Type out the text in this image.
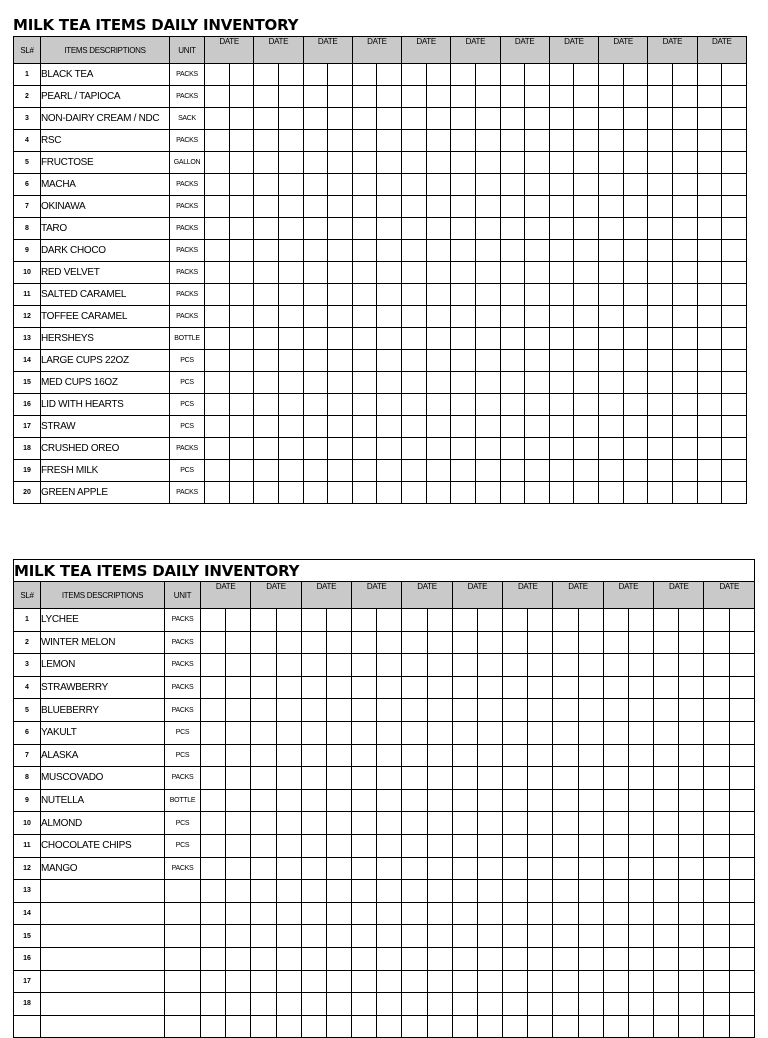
MILK TEA ITEMS DAILY INVENTORY
SL#	ITEMS DESCRIPTIONS	UNIT	DATE		DATE		DATE		DATE		DATE		DATE		DATE		DATE		DATE		DATE		DATE	
1	BLACK TEA	PACKS																						
2	PEARL / TAPIOCA	PACKS																						
3	NON-DAIRY CREAM / NDC	SACK																						
4	RSC	PACKS																						
5	FRUCTOSE	GALLON																						
6	MACHA	PACKS																						
7	OKINAWA	PACKS																						
8	TARO	PACKS																						
9	DARK CHOCO	PACKS																						
10	RED VELVET	PACKS																						
11	SALTED CARAMEL	PACKS																						
12	TOFFEE CARAMEL	PACKS																						
13	HERSHEYS	BOTTLE																						
14	LARGE CUPS 22OZ	PCS																						
15	MED CUPS 16OZ	PCS																						
16	LID WITH HEARTS	PCS																						
17	STRAW	PCS																						
18	CRUSHED OREO	PACKS																						
19	FRESH MILK	PCS																						
20	GREEN APPLE	PACKS																						
MILK TEA ITEMS DAILY INVENTORY
SL#	ITEMS DESCRIPTIONS	UNIT	DATE		DATE		DATE		DATE		DATE		DATE		DATE		DATE		DATE		DATE		DATE	
1	LYCHEE	PACKS																						
2	WINTER MELON	PACKS																						
3	LEMON	PACKS																						
4	STRAWBERRY	PACKS																						
5	BLUEBERRY	PACKS																						
6	YAKULT	PCS																						
7	ALASKA	PCS																						
8	MUSCOVADO	PACKS																						
9	NUTELLA	BOTTLE																						
10	ALMOND	PCS																						
11	CHOCOLATE CHIPS	PCS																						
12	MANGO	PACKS																						
13																								
14																								
15																								
16																								
17																								
18																								
